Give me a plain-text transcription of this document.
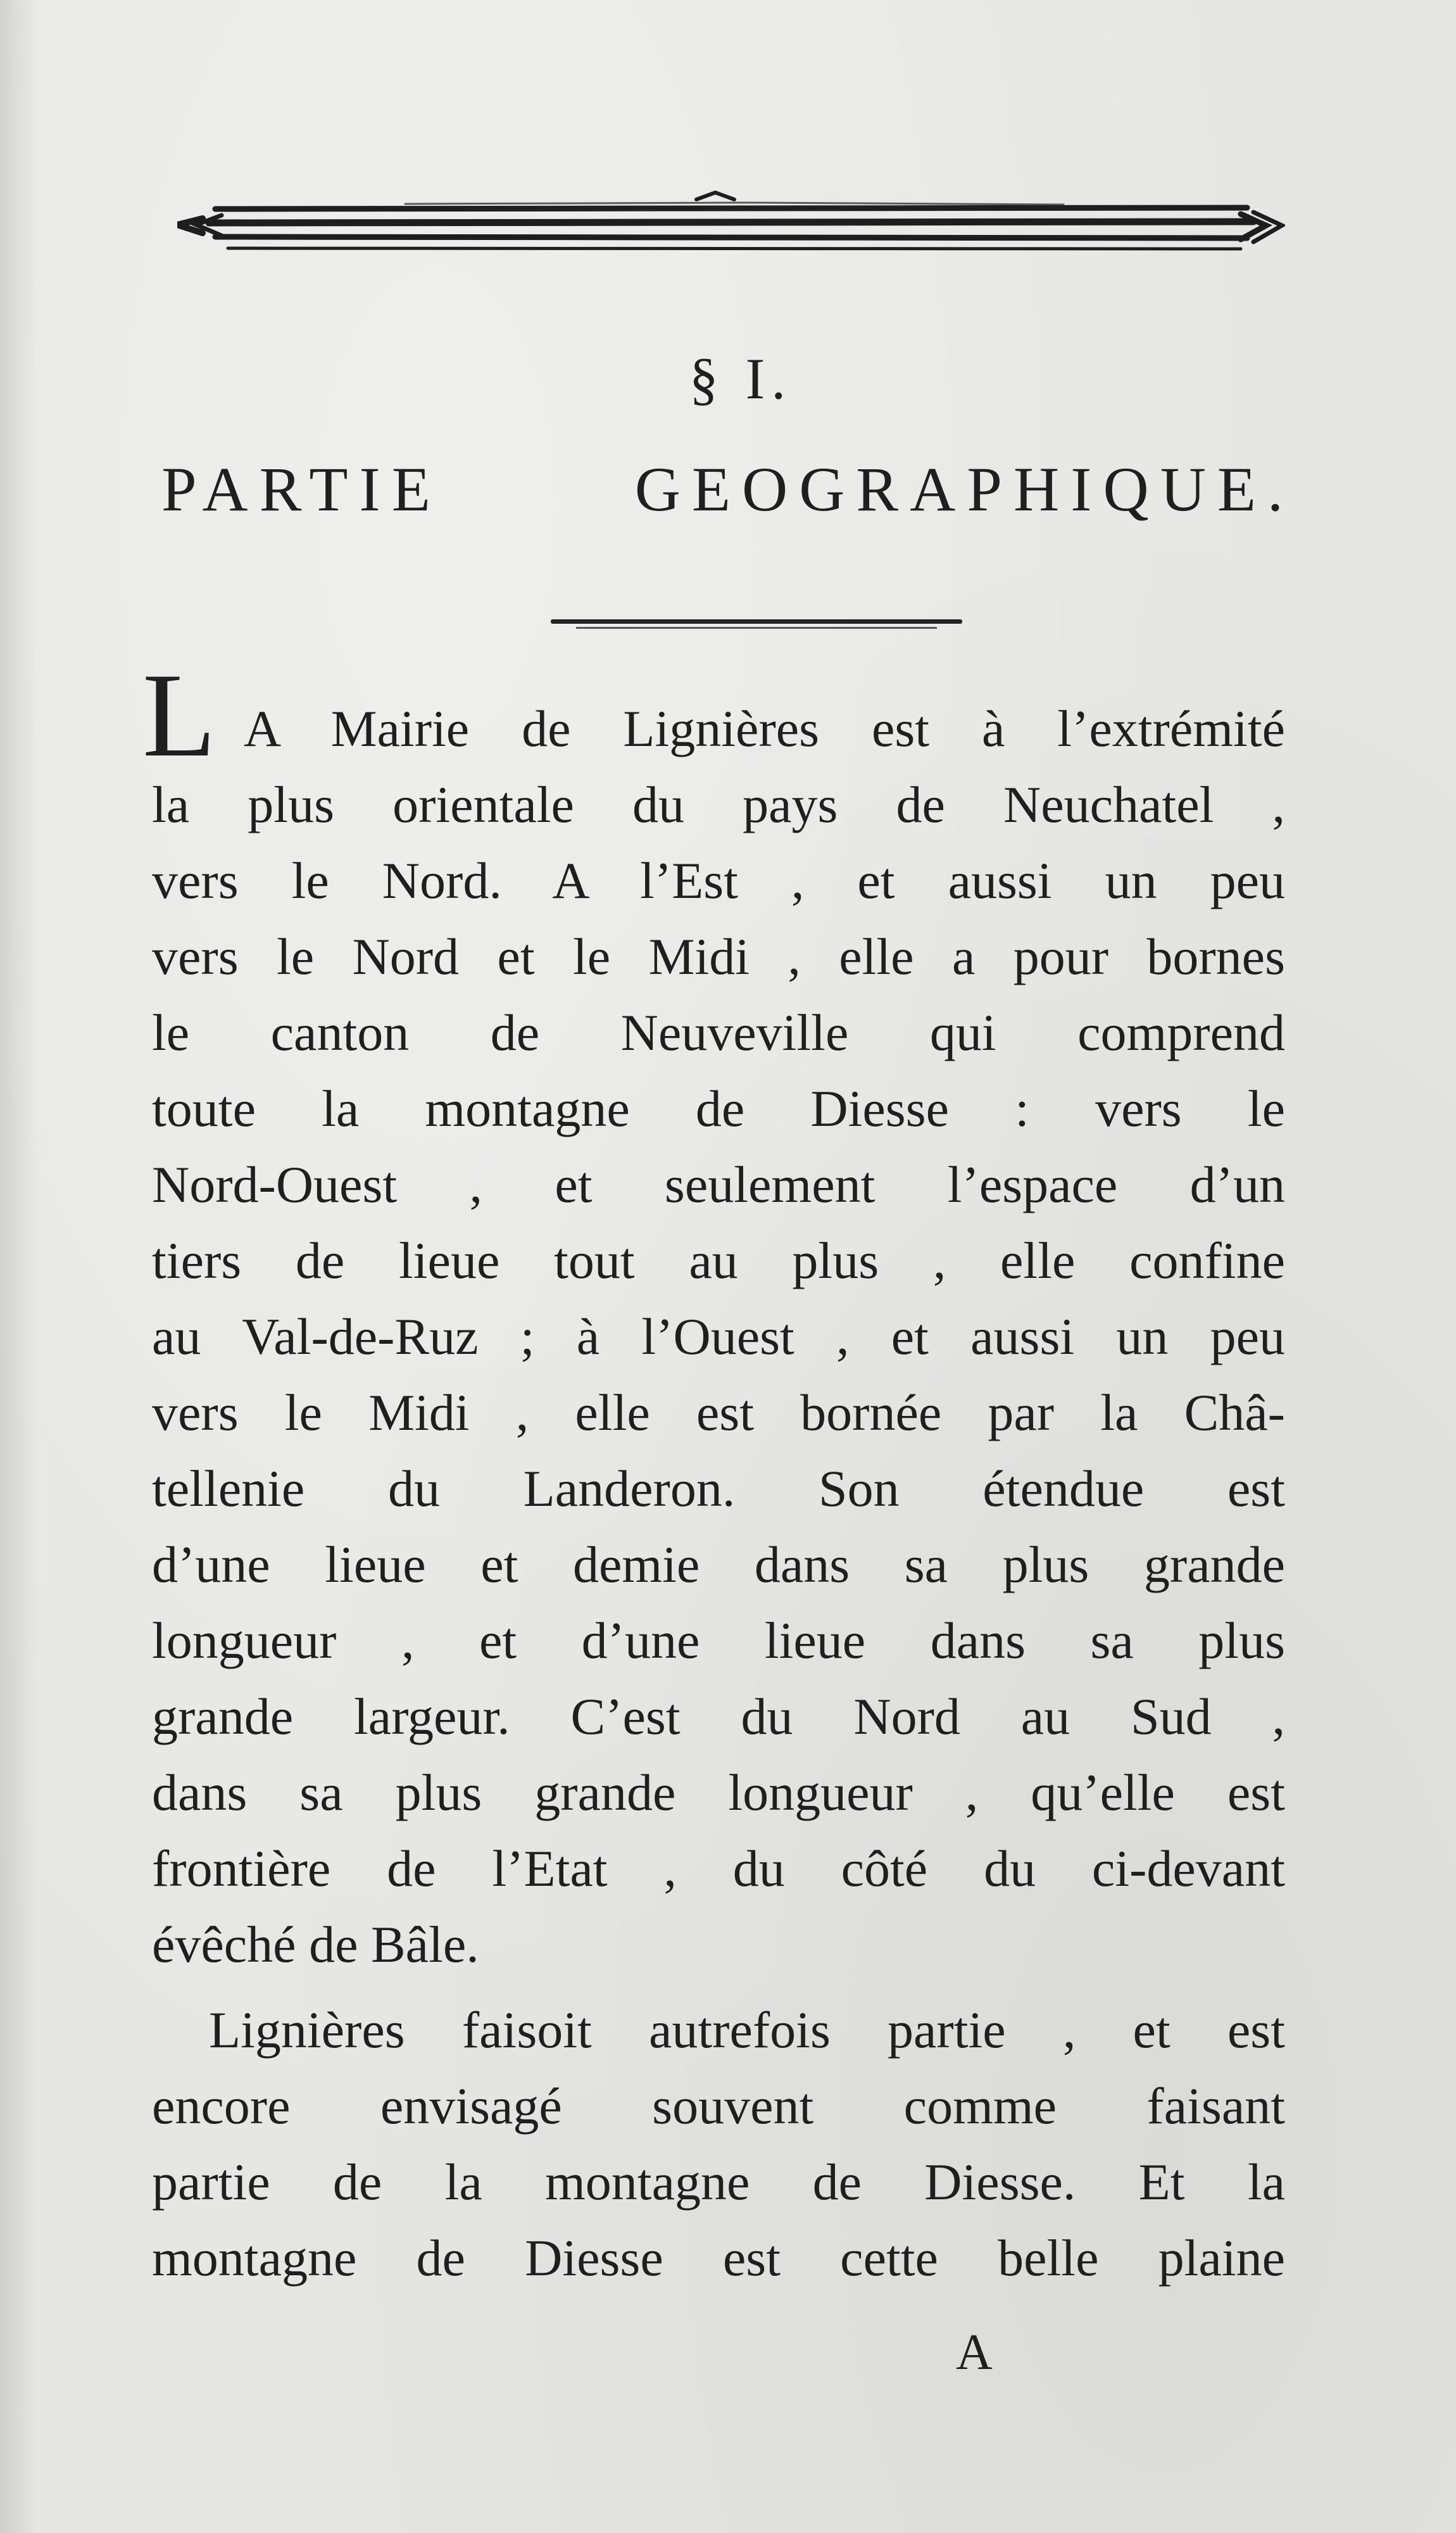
§ I.
PARTIE GEOGRAPHIQUE.
L A Mairie de Lignières est à l’extrémité
la plus orientale du pays de Neuchatel ,
vers le Nord. A l’Est , et aussi un peu
vers le Nord et le Midi , elle a pour bornes
le canton de Neuveville qui comprend
toute la montagne de Diesse : vers le
Nord-Ouest , et seulement l’espace d’un
tiers de lieue tout au plus , elle confine
au Val-de-Ruz ; à l’Ouest , et aussi un peu
vers le Midi , elle est bornée par la Châ-
tellenie du Landeron. Son étendue est
d’une lieue et demie dans sa plus grande
longueur , et d’une lieue dans sa plus
grande largeur. C’est du Nord au Sud ,
dans sa plus grande longueur , qu’elle est
frontière de l’Etat , du côté du ci-devant
évêché de Bâle.
Lignières faisoit autrefois partie , et est
encore envisagé souvent comme faisant
partie de la montagne de Diesse. Et la
montagne de Diesse est cette belle plaine
A
